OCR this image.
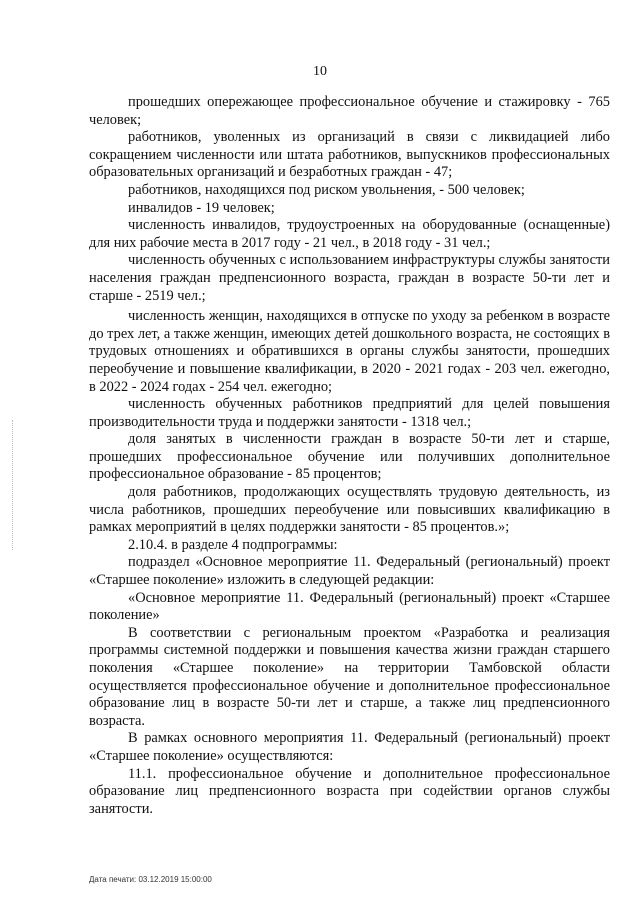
10

прошедших опережающее профессиональное обучение и стажировку - 765 человек;

работников, уволенных из организаций в связи с ликвидацией либо сокращением численности или штата работников, выпускников профессиональных образовательных организаций и безработных граждан - 47;

работников, находящихся под риском увольнения, - 500 человек;

инвалидов - 19 человек;

численность инвалидов, трудоустроенных на оборудованные (оснащенные) для них рабочие места в 2017 году - 21 чел., в 2018 году - 31 чел.;

численность обученных с использованием инфраструктуры службы занятости населения граждан предпенсионного возраста, граждан в возрасте 50-ти лет и старше - 2519 чел.;

численность женщин, находящихся в отпуске по уходу за ребенком в возрасте до трех лет, а также женщин, имеющих детей дошкольного возраста, не состоящих в трудовых отношениях и обратившихся в органы службы занятости, прошедших переобучение и повышение квалификации, в 2020 - 2021 годах - 203 чел. ежегодно, в 2022 - 2024 годах - 254 чел. ежегодно;

численность обученных работников предприятий для целей повышения производительности труда и поддержки занятости - 1318 чел.;

доля занятых в численности граждан в возрасте 50-ти лет и старше, прошедших профессиональное обучение или получивших дополнительное профессиональное образование - 85 процентов;

доля работников, продолжающих осуществлять трудовую деятельность, из числа работников, прошедших переобучение или повысивших квалификацию в рамках мероприятий в целях поддержки занятости - 85 процентов.»;

2.10.4. в разделе 4 подпрограммы:

подраздел «Основное мероприятие 11. Федеральный (региональный) проект «Старшее поколение» изложить в следующей редакции:

«Основное мероприятие 11. Федеральный (региональный) проект «Старшее поколение»

В соответствии с региональным проектом «Разработка и реализация программы системной поддержки и повышения качества жизни граждан старшего поколения «Старшее поколение» на территории Тамбовской области осуществляется профессиональное обучение и дополнительное профессиональное образование лиц в возрасте 50-ти лет и старше, а также лиц предпенсионного возраста.

В рамках основного мероприятия 11. Федеральный (региональный) проект «Старшее поколение» осуществляются:

11.1. профессиональное обучение и дополнительное профессиональное образование лиц предпенсионного возраста при содействии органов службы занятости.

Дата печати: 03.12.2019 15:00:00
